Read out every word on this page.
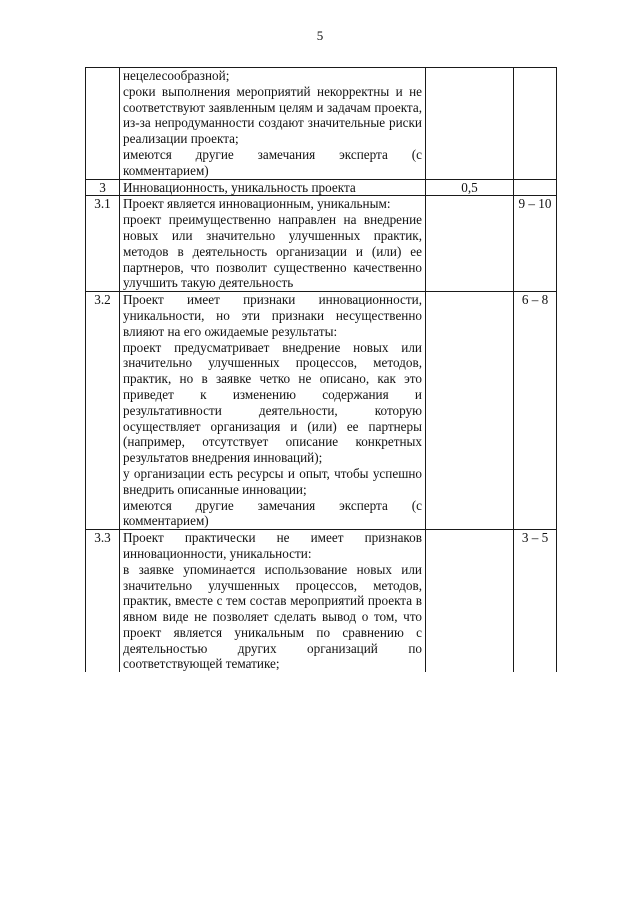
5

	нецелесообразной;

сроки выполнения мероприятий некорректны и не соответствуют заявленным целям и задачам проекта, из-за непродуманности создают значительные риски реализации проекта;

имеются другие замечания эксперта (с комментарием)		

3	Инновационность, уникальность проекта	0,5	
3.1	Проект является инновационным, уникальным:

проект преимущественно направлен на внедрение новых или значительно улучшенных практик, методов в деятельность организации и (или) ее партнеров, что позволит существенно качественно улучшить такую деятельность		9 – 10
3.2	Проект имеет признаки инновационности, уникальности, но эти признаки несущественно влияют на его ожидаемые результаты:

проект предусматривает внедрение новых или значительно улучшенных процессов, методов, практик, но в заявке четко не описано, как это приведет к изменению содержания и результативности деятельности, которую осуществляет организация и (или) ее партнеры (например, отсутствует описание конкретных результатов внедрения инноваций);

у организации есть ресурсы и опыт, чтобы успешно внедрить описанные инновации;

имеются другие замечания эксперта (с комментарием)		6 – 8
3.3	Проект практически не имеет признаков инновационности, уникальности:

в заявке упоминается использование новых или значительно улучшенных процессов, методов, практик, вместе с тем состав мероприятий проекта в явном виде не позволяет сделать вывод о том, что проект является уникальным по сравнению с деятельностью других организаций по соответствующей тематике;		3 – 5
